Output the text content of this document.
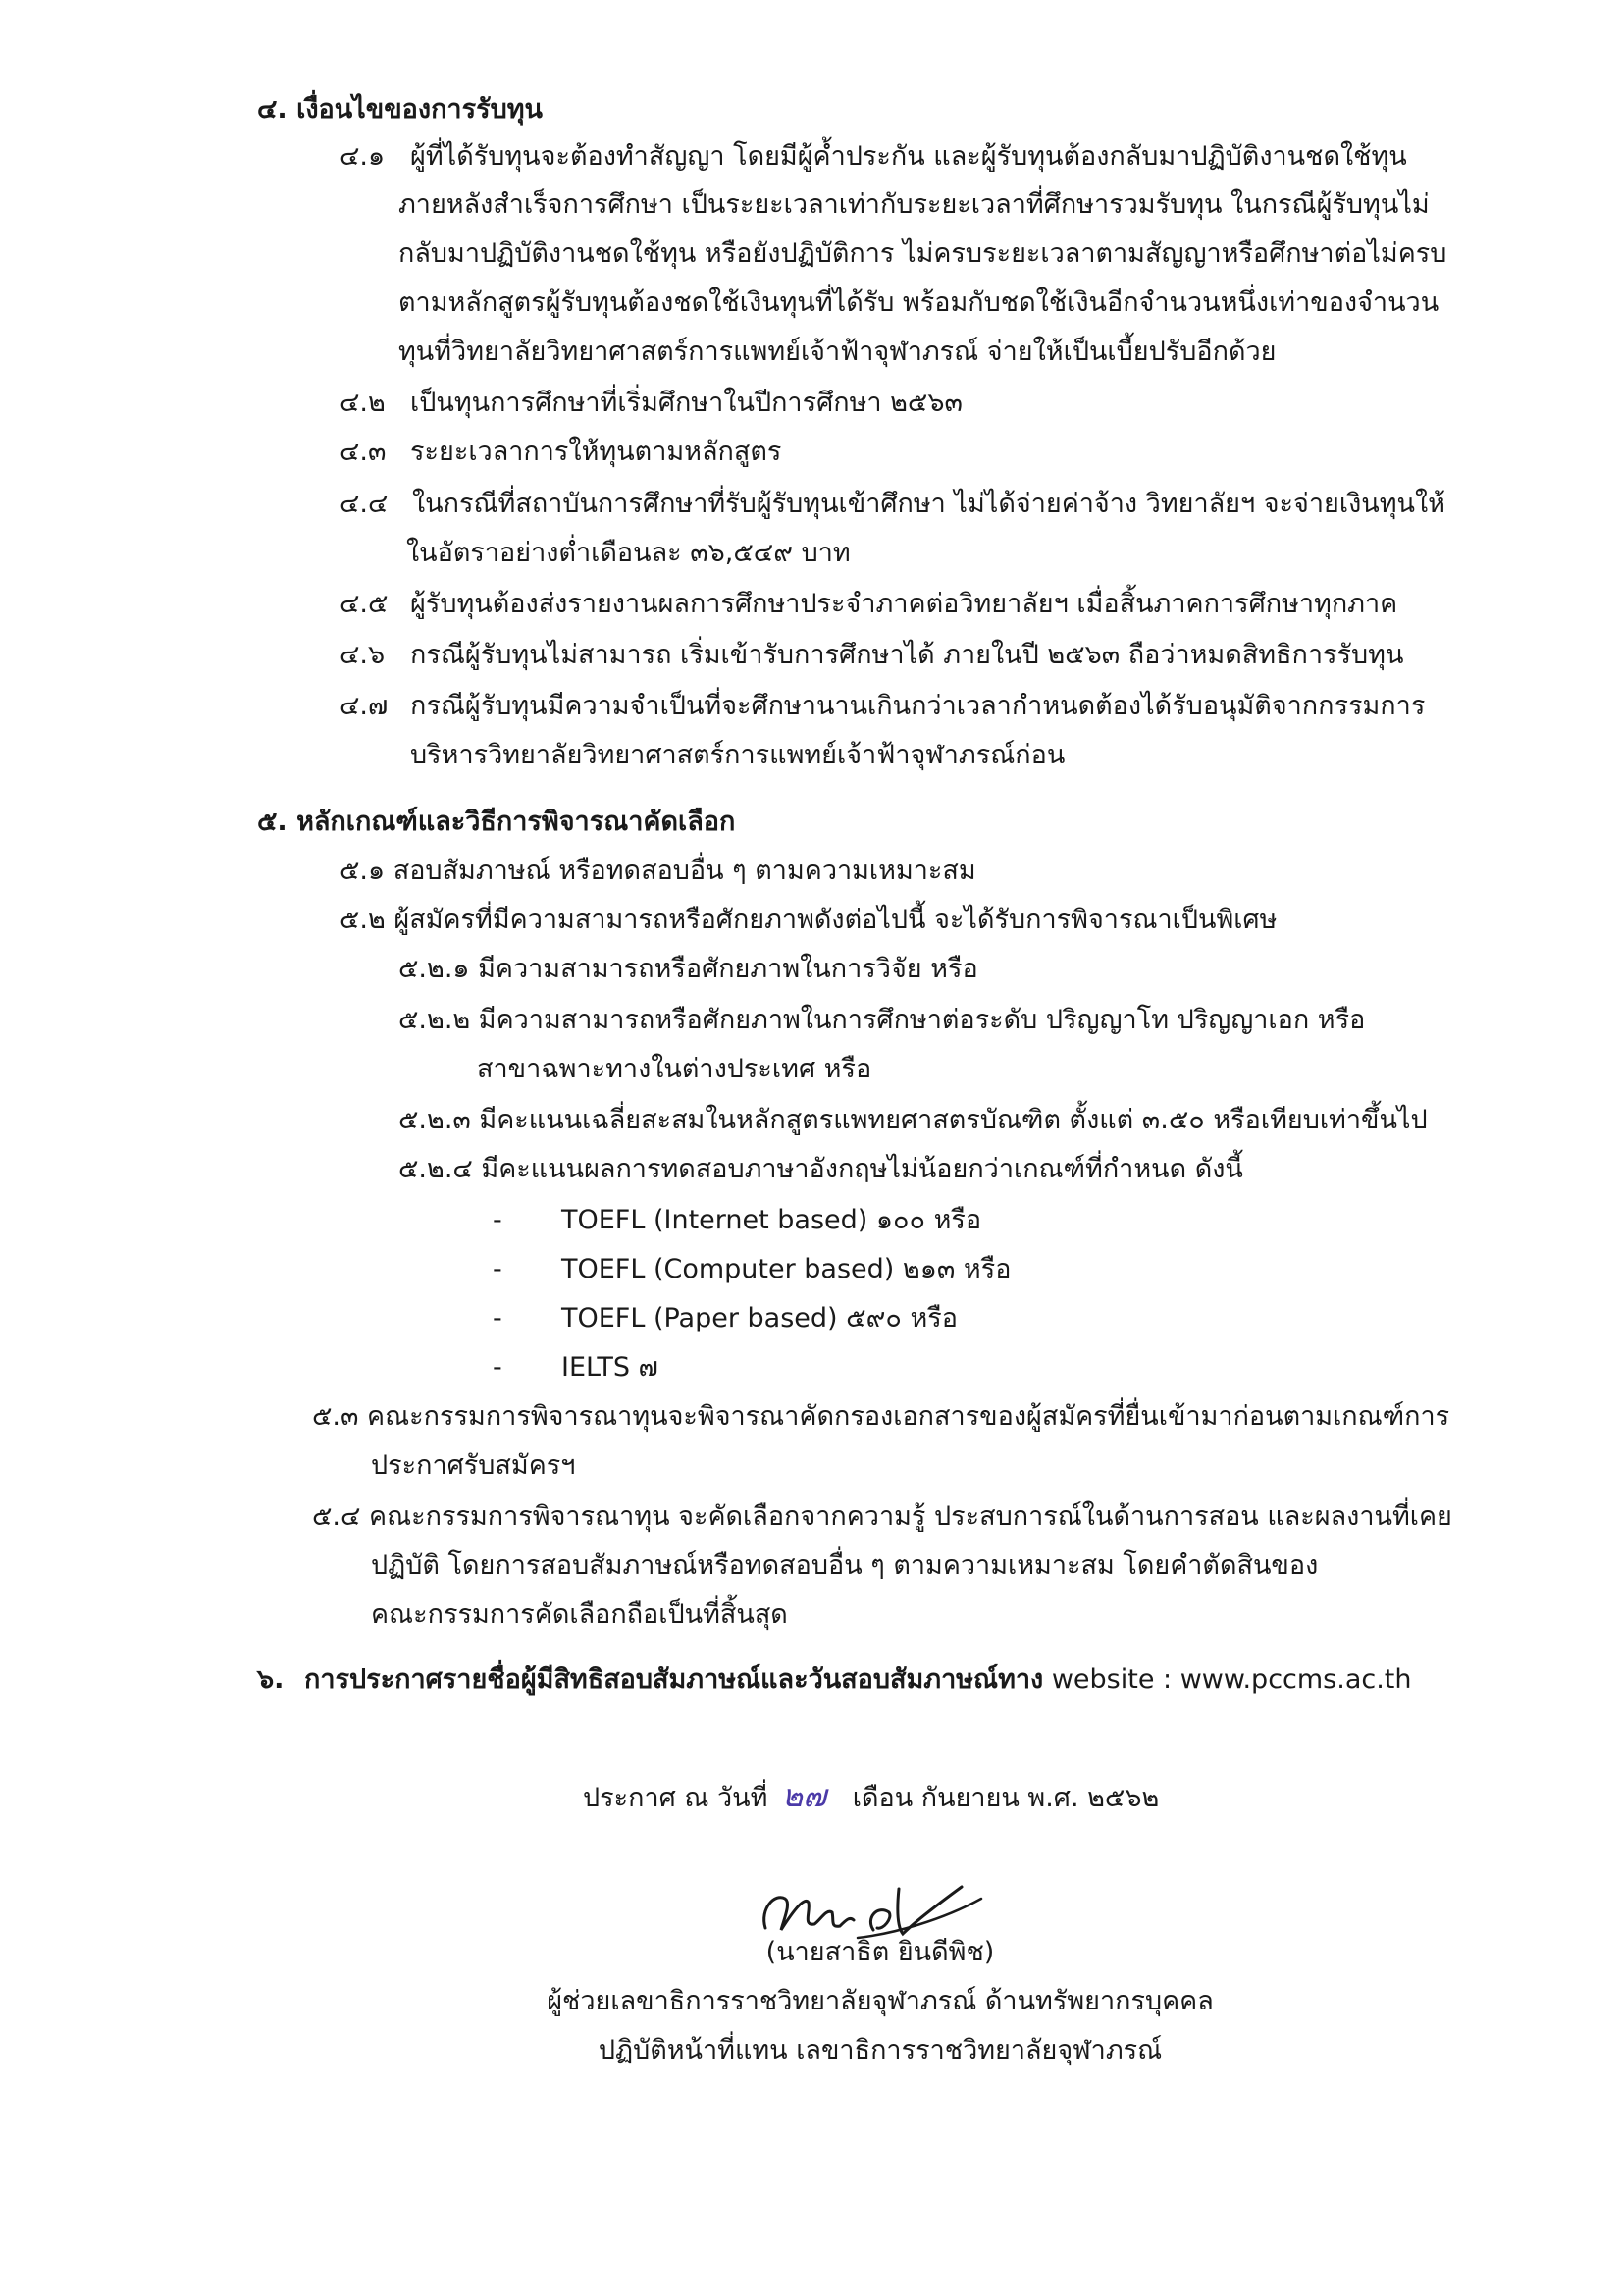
๔. เงื่อนไขของการรับทุน
๔.๑ ผู้ที่ได้รับทุนจะต้องทำสัญญา โดยมีผู้ค้ำประกัน และผู้รับทุนต้องกลับมาปฏิบัติงานชดใช้ทุน
ภายหลังสำเร็จการศึกษา เป็นระยะเวลาเท่ากับระยะเวลาที่ศึกษารวมรับทุน ในกรณีผู้รับทุนไม่
กลับมาปฏิบัติงานชดใช้ทุน หรือยังปฏิบัติการ ไม่ครบระยะเวลาตามสัญญาหรือศึกษาต่อไม่ครบ
ตามหลักสูตรผู้รับทุนต้องชดใช้เงินทุนที่ได้รับ พร้อมกับชดใช้เงินอีกจำนวนหนึ่งเท่าของจำนวน
ทุนที่วิทยาลัยวิทยาศาสตร์การแพทย์เจ้าฟ้าจุฬาภรณ์ จ่ายให้เป็นเบี้ยปรับอีกด้วย
๔.๒ เป็นทุนการศึกษาที่เริ่มศึกษาในปีการศึกษา ๒๕๖๓
๔.๓ ระยะเวลาการให้ทุนตามหลักสูตร
๔.๔ ในกรณีที่สถาบันการศึกษาที่รับผู้รับทุนเข้าศึกษา ไม่ได้จ่ายค่าจ้าง วิทยาลัยฯ จะจ่ายเงินทุนให้
ในอัตราอย่างต่ำเดือนละ ๓๖,๕๔๙ บาท
๔.๕ ผู้รับทุนต้องส่งรายงานผลการศึกษาประจำภาคต่อวิทยาลัยฯ เมื่อสิ้นภาคการศึกษาทุกภาค
๔.๖ กรณีผู้รับทุนไม่สามารถ เริ่มเข้ารับการศึกษาได้ ภายในปี ๒๕๖๓ ถือว่าหมดสิทธิการรับทุน
๔.๗ กรณีผู้รับทุนมีความจำเป็นที่จะศึกษานานเกินกว่าเวลากำหนดต้องได้รับอนุมัติจากกรรมการ
บริหารวิทยาลัยวิทยาศาสตร์การแพทย์เจ้าฟ้าจุฬาภรณ์ก่อน
๕. หลักเกณฑ์และวิธีการพิจารณาคัดเลือก
๕.๑ สอบสัมภาษณ์ หรือทดสอบอื่น ๆ ตามความเหมาะสม
๕.๒ ผู้สมัครที่มีความสามารถหรือศักยภาพดังต่อไปนี้ จะได้รับการพิจารณาเป็นพิเศษ
๕.๒.๑ มีความสามารถหรือศักยภาพในการวิจัย หรือ
๕.๒.๒ มีความสามารถหรือศักยภาพในการศึกษาต่อระดับ ปริญญาโท ปริญญาเอก หรือ
สาขาฉพาะทางในต่างประเทศ หรือ
๕.๒.๓ มีคะแนนเฉลี่ยสะสมในหลักสูตรแพทยศาสตรบัณฑิต ตั้งแต่ ๓.๕๐ หรือเทียบเท่าขึ้นไป
๕.๒.๔ มีคะแนนผลการทดสอบภาษาอังกฤษไม่น้อยกว่าเกณฑ์ที่กำหนด ดังนี้
- TOEFL (Internet based) ๑๐๐ หรือ
- TOEFL (Computer based) ๒๑๓ หรือ
- TOEFL (Paper based) ๕๙๐ หรือ
- IELTS ๗
๕.๓ คณะกรรมการพิจารณาทุนจะพิจารณาคัดกรองเอกสารของผู้สมัครที่ยื่นเข้ามาก่อนตามเกณฑ์การ
ประกาศรับสมัครฯ
๕.๔ คณะกรรมการพิจารณาทุน จะคัดเลือกจากความรู้ ประสบการณ์ในด้านการสอน และผลงานที่เคย
ปฏิบัติ โดยการสอบสัมภาษณ์หรือทดสอบอื่น ๆ ตามความเหมาะสม โดยคำตัดสินของ
คณะกรรมการคัดเลือกถือเป็นที่สิ้นสุด
๖. การประกาศรายชื่อผู้มีสิทธิสอบสัมภาษณ์และวันสอบสัมภาษณ์ทาง website : www.pccms.ac.th
ประกาศ ณ วันที่ ๒๗ เดือน กันยายน พ.ศ. ๒๕๖๒
(นายสาธิต ยินดีพิช)
ผู้ช่วยเลขาธิการราชวิทยาลัยจุฬาภรณ์ ด้านทรัพยากรบุคคล
ปฏิบัติหน้าที่แทน เลขาธิการราชวิทยาลัยจุฬาภรณ์
